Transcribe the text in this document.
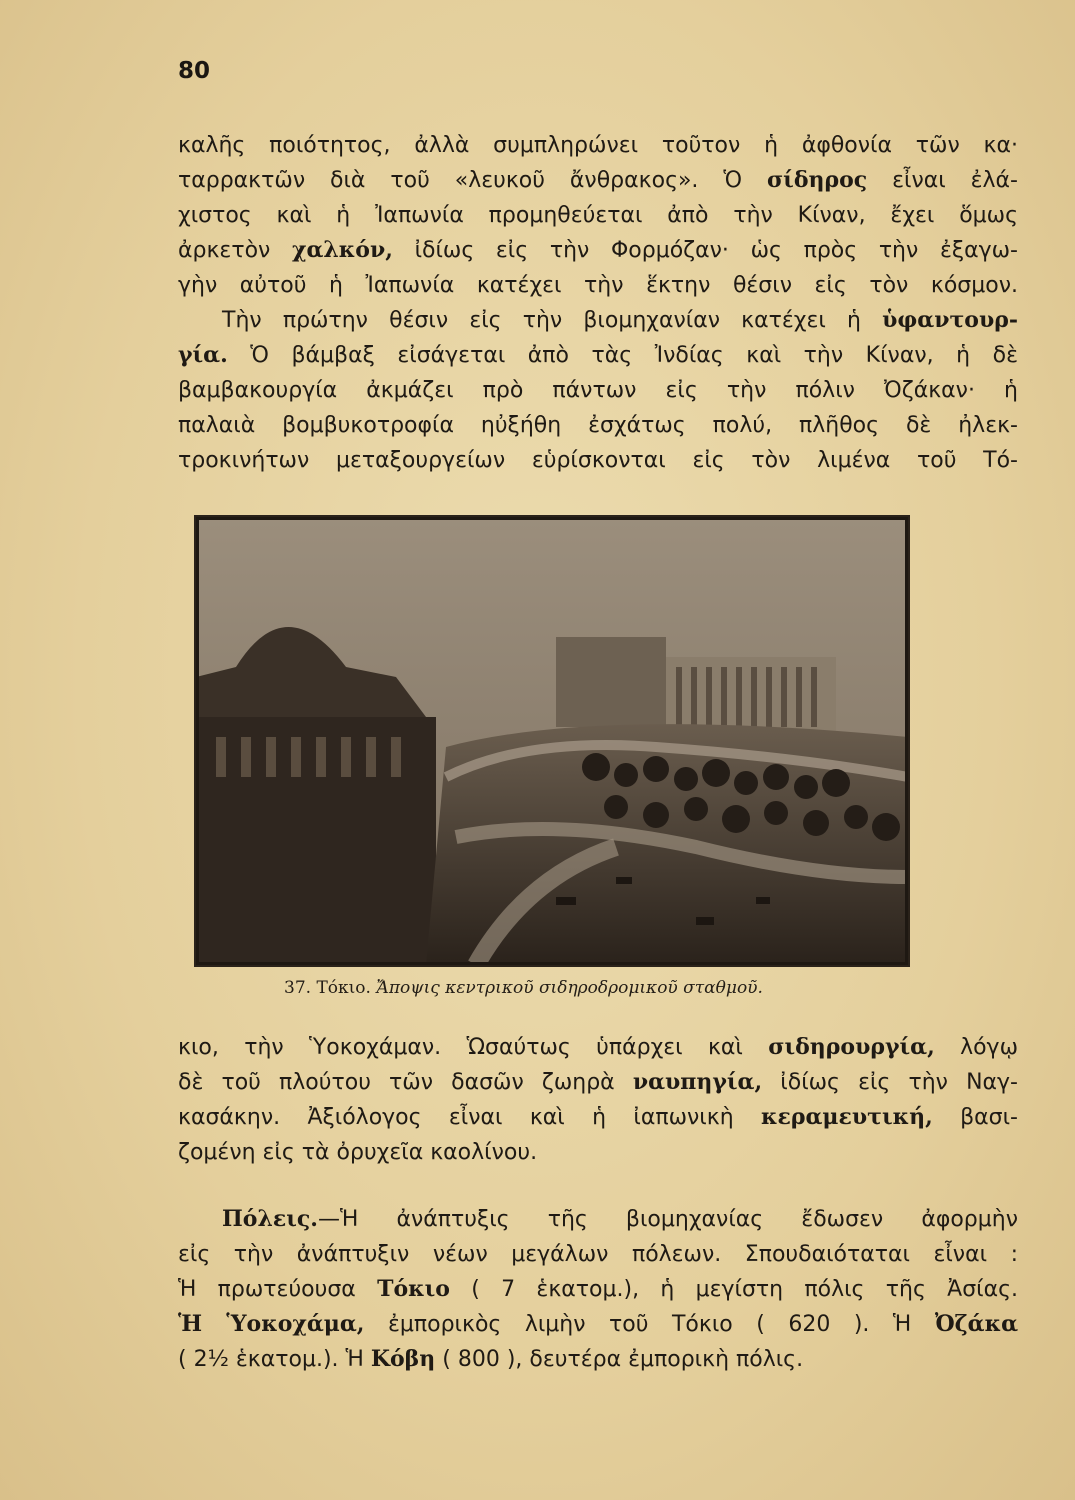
80
καλῆς ποιότητος, ἀλλὰ συμπληρώνει τοῦτον ἡ ἀφθονία τῶν κα·
ταρρακτῶν διὰ τοῦ «λευκοῦ ἄνθρακος». Ὁ σίδηρος εἶναι ἐλά-
χιστος καὶ ἡ Ἰαπωνία προμηθεύεται ἀπὸ τὴν Κίναν, ἔχει ὅμως
ἀρκετὸν χαλκόν, ἰδίως εἰς τὴν Φορμόζαν· ὡς πρὸς τὴν ἐξαγω-
γὴν αὐτοῦ ἡ Ἰαπωνία κατέχει τὴν ἕκτην θέσιν εἰς τὸν κόσμον.
  Τὴν πρώτην θέσιν εἰς τὴν βιομηχανίαν κατέχει ἡ ὑφαντουρ-
γία. Ὁ βάμβαξ εἰσάγεται ἀπὸ τὰς Ἰνδίας καὶ τὴν Κίναν, ἡ δὲ
βαμβακουργία ἀκμάζει πρὸ πάντων εἰς τὴν πόλιν Ὀζάκαν· ἡ
παλαιὰ βομβυκοτροφία ηὐξήθη ἐσχάτως πολύ, πλῆθος δὲ ἠλεκ-
τροκινήτων μεταξουργείων εὑρίσκονται εἰς τὸν λιμένα τοῦ Τό-
37. Τόκιο. Ἄποψις κεντρικοῦ σιδηροδρομικοῦ σταθμοῦ.
κιο, τὴν Ὑοκοχάμαν. Ὡσαύτως ὑπάρχει καὶ σιδηρουργία, λόγῳ
δὲ τοῦ πλούτου τῶν δασῶν ζωηρὰ ναυπηγία, ἰδίως εἰς τὴν Ναγ-
κασάκην. Ἀξιόλογος εἶναι καὶ ἡ ἰαπωνικὴ κεραμευτική, βασι-
ζομένη εἰς τὰ ὀρυχεῖα καολίνου.
  Πόλεις.—Ἡ ἀνάπτυξις τῆς βιομηχανίας ἔδωσεν ἀφορμὴν
εἰς τὴν ἀνάπτυξιν νέων μεγάλων πόλεων. Σπουδαιόταται εἶναι :
Ἡ πρωτεύουσα Τόκιο ( 7 ἑκατομ.), ἡ μεγίστη πόλις τῆς Ἀσίας.
Ἡ Ὑοκοχάμα, ἐμπορικὸς λιμὴν τοῦ Τόκιο ( 620 ). Ἡ Ὀζάκα
( 2½ ἑκατομ.). Ἡ Κόβη ( 800 ), δευτέρα ἐμπορικὴ πόλις.
